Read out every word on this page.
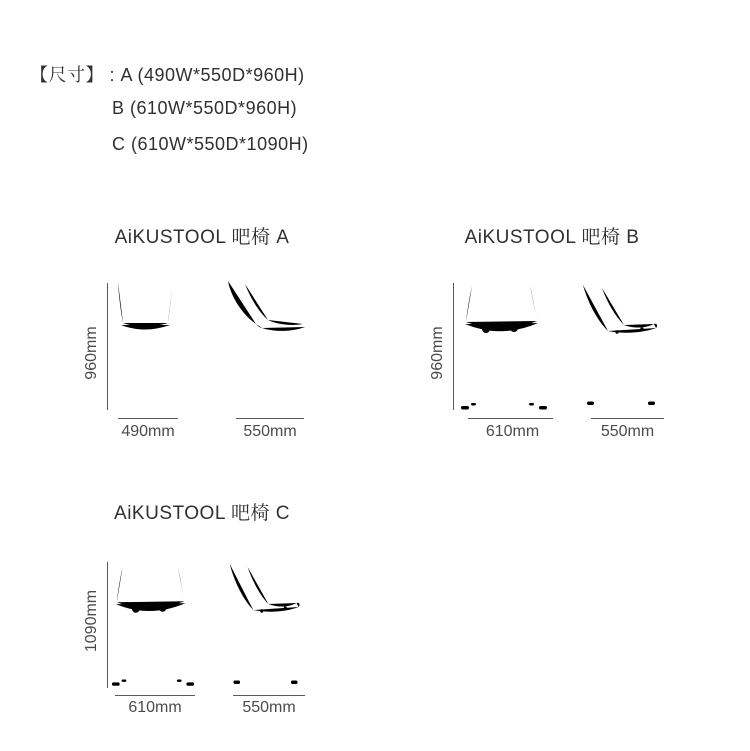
【尺寸】 : A (490W*550D*960H)
B (610W*550D*960H)
C (610W*550D*1090H)
AiKUSTOOL 吧椅 A
960mm
490mm	550mm
AiKUSTOOL 吧椅 B
960mm
610mm	550mm
AiKUSTOOL 吧椅 C
1090mm
610mm	550mm
